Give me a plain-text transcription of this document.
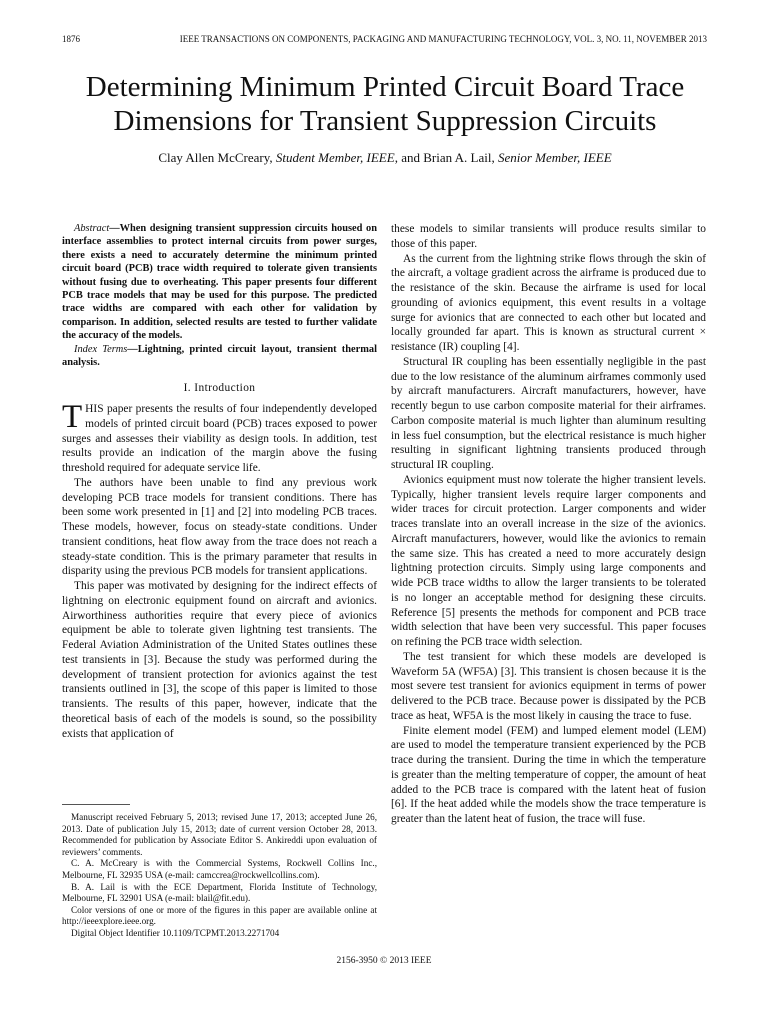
1876	IEEE TRANSACTIONS ON COMPONENTS, PACKAGING AND MANUFACTURING TECHNOLOGY, VOL. 3, NO. 11, NOVEMBER 2013
Determining Minimum Printed Circuit Board Trace Dimensions for Transient Suppression Circuits

Clay Allen McCreary, Student Member, IEEE, and Brian A. Lail, Senior Member, IEEE

Abstract—When designing transient suppression circuits housed on interface assemblies to protect internal circuits from power surges, there exists a need to accurately determine the minimum printed circuit board (PCB) trace width required to tolerate given transients without fusing due to overheating. This paper presents four different PCB trace models that may be used for this purpose. The predicted trace widths are compared with each other for validation by comparison. In addition, selected results are tested to further validate the accuracy of the models.

Index Terms—Lightning, printed circuit layout, transient thermal analysis.

I. Introduction

THIS paper presents the results of four independently developed models of printed circuit board (PCB) traces exposed to power surges and assesses their viability as design tools. In addition, test results provide an indication of the margin above the fusing threshold required for adequate service life.

The authors have been unable to find any previous work developing PCB trace models for transient conditions. There has been some work presented in [1] and [2] into modeling PCB traces. These models, however, focus on steady-state conditions. Under transient conditions, heat flow away from the trace does not reach a steady-state condition. This is the primary parameter that results in disparity using the previous PCB models for transient applications.

This paper was motivated by designing for the indirect effects of lightning on electronic equipment found on aircraft and avionics. Airworthiness authorities require that every piece of avionics equipment be able to tolerate given lightning test transients. The Federal Aviation Administration of the United States outlines these test transients in [3]. Because the study was performed during the development of transient protection for avionics against the test transients outlined in [3], the scope of this paper is limited to those transients. The results of this paper, however, indicate that the theoretical basis of each of the models is sound, so the possibility exists that application of

Manuscript received February 5, 2013; revised June 17, 2013; accepted June 26, 2013. Date of publication July 15, 2013; date of current version October 28, 2013. Recommended for publication by Associate Editor S. Ankireddi upon evaluation of reviewers’ comments.

C. A. McCreary is with the Commercial Systems, Rockwell Collins Inc., Melbourne, FL 32935 USA (e-mail: camccrea@rockwellcollins.com).

B. A. Lail is with the ECE Department, Florida Institute of Technology, Melbourne, FL 32901 USA (e-mail: blail@fit.edu).

Color versions of one or more of the figures in this paper are available online at http://ieeexplore.ieee.org.

Digital Object Identifier 10.1109/TCPMT.2013.2271704

these models to similar transients will produce results similar to those of this paper.

As the current from the lightning strike flows through the skin of the aircraft, a voltage gradient across the airframe is produced due to the resistance of the skin. Because the airframe is used for local grounding of avionics equipment, this event results in a voltage surge for avionics that are connected to each other but located and locally grounded far apart. This is known as structural current × resistance (IR) coupling [4].

Structural IR coupling has been essentially negligible in the past due to the low resistance of the aluminum airframes commonly used by aircraft manufacturers. Aircraft manufacturers, however, have recently begun to use carbon composite material for their airframes. Carbon composite material is much lighter than aluminum resulting in less fuel consumption, but the electrical resistance is much higher resulting in significant lightning transients produced through structural IR coupling.

Avionics equipment must now tolerate the higher transient levels. Typically, higher transient levels require larger components and wider traces for circuit protection. Larger components and wider traces translate into an overall increase in the size of the avionics. Aircraft manufacturers, however, would like the avionics to remain the same size. This has created a need to more accurately design lightning protection circuits. Simply using large components and wide PCB trace widths to allow the larger transients to be tolerated is no longer an acceptable method for designing these circuits. Reference [5] presents the methods for component and PCB trace width selection that have been very successful. This paper focuses on refining the PCB trace width selection.

The test transient for which these models are developed is Waveform 5A (WF5A) [3]. This transient is chosen because it is the most severe test transient for avionics equipment in terms of power delivered to the PCB trace. Because power is dissipated by the PCB trace as heat, WF5A is the most likely in causing the trace to fuse.

Finite element model (FEM) and lumped element model (LEM) are used to model the temperature transient experienced by the PCB trace during the transient. During the time in which the temperature is greater than the melting temperature of copper, the amount of heat added to the PCB trace is compared with the latent heat of fusion [6]. If the heat added while the models show the trace temperature is greater than the latent heat of fusion, the trace will fuse.

2156-3950 © 2013 IEEE
